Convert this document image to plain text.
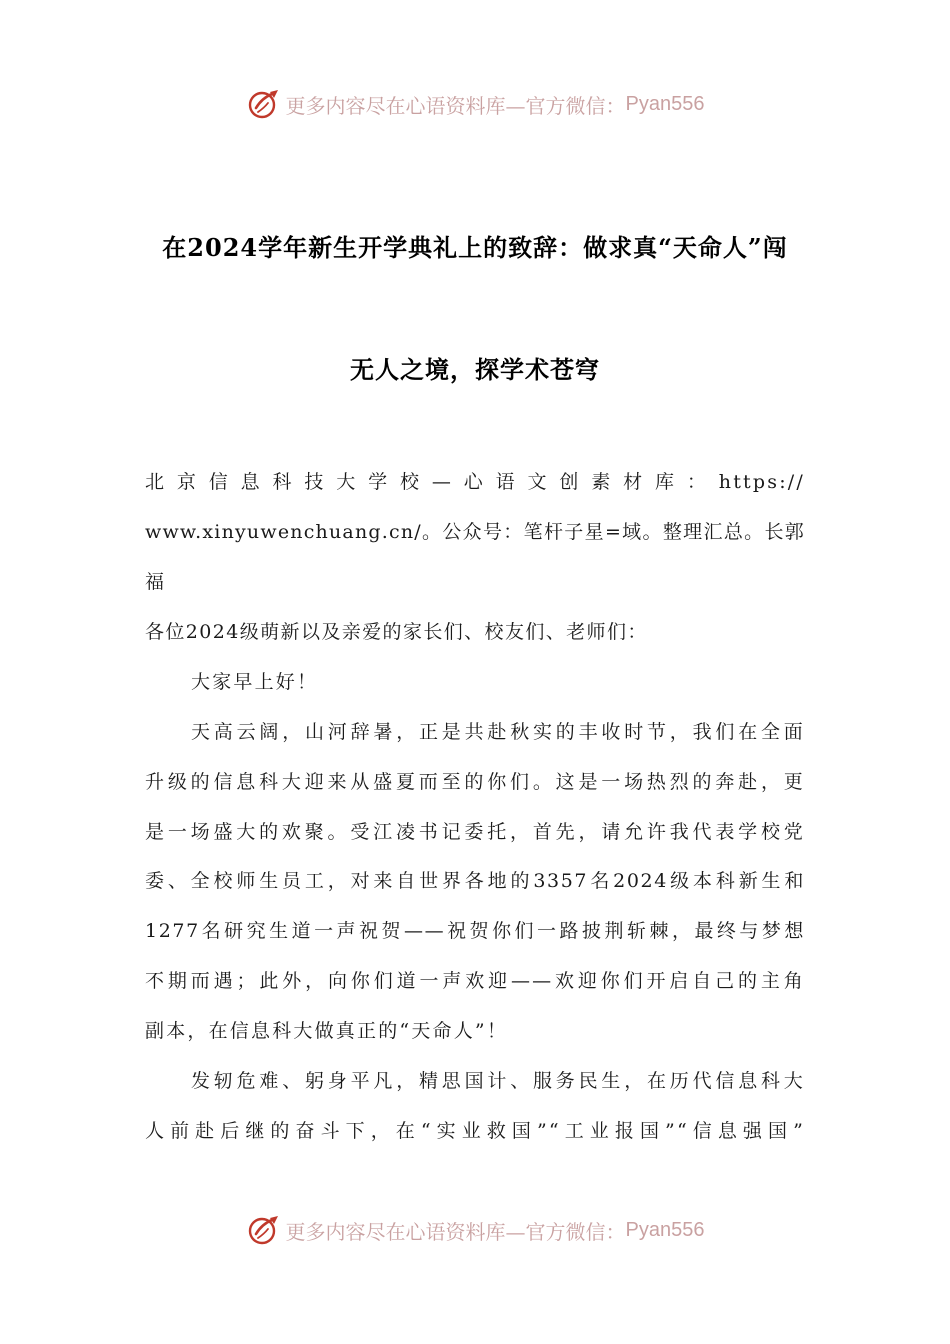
更多内容尽在心语资料库—官方微信： Pyan556
在2024学年新生开学典礼上的致辞：做求真“天命人”闯
无人之境，探学术苍穹
北京信息科技大学校—心语文创素材库：https://
www.xinyuwenchuang.cn/。公众号：笔杆子星=域。整理汇总。长郭
福
各位2024级萌新以及亲爱的家长们、校友们、老师们：
大家早上好！
天高云阔，山河辞暑，正是共赴秋实的丰收时节，我们在全面
升级的信息科大迎来从盛夏而至的你们。这是一场热烈的奔赴，更
是一场盛大的欢聚。受江凌书记委托，首先，请允许我代表学校党
委、全校师生员工，对来自世界各地的3357名2024级本科新生和
1277名研究生道一声祝贺——祝贺你们一路披荆斩棘，最终与梦想
不期而遇；此外，向你们道一声欢迎——欢迎你们开启自己的主角
副本，在信息科大做真正的“天命人”！
发轫危难、躬身平凡，精思国计、服务民生，在历代信息科大
人前赴后继的奋斗下，在“实业救国”“工业报国”“信息强国”
更多内容尽在心语资料库—官方微信： Pyan556
